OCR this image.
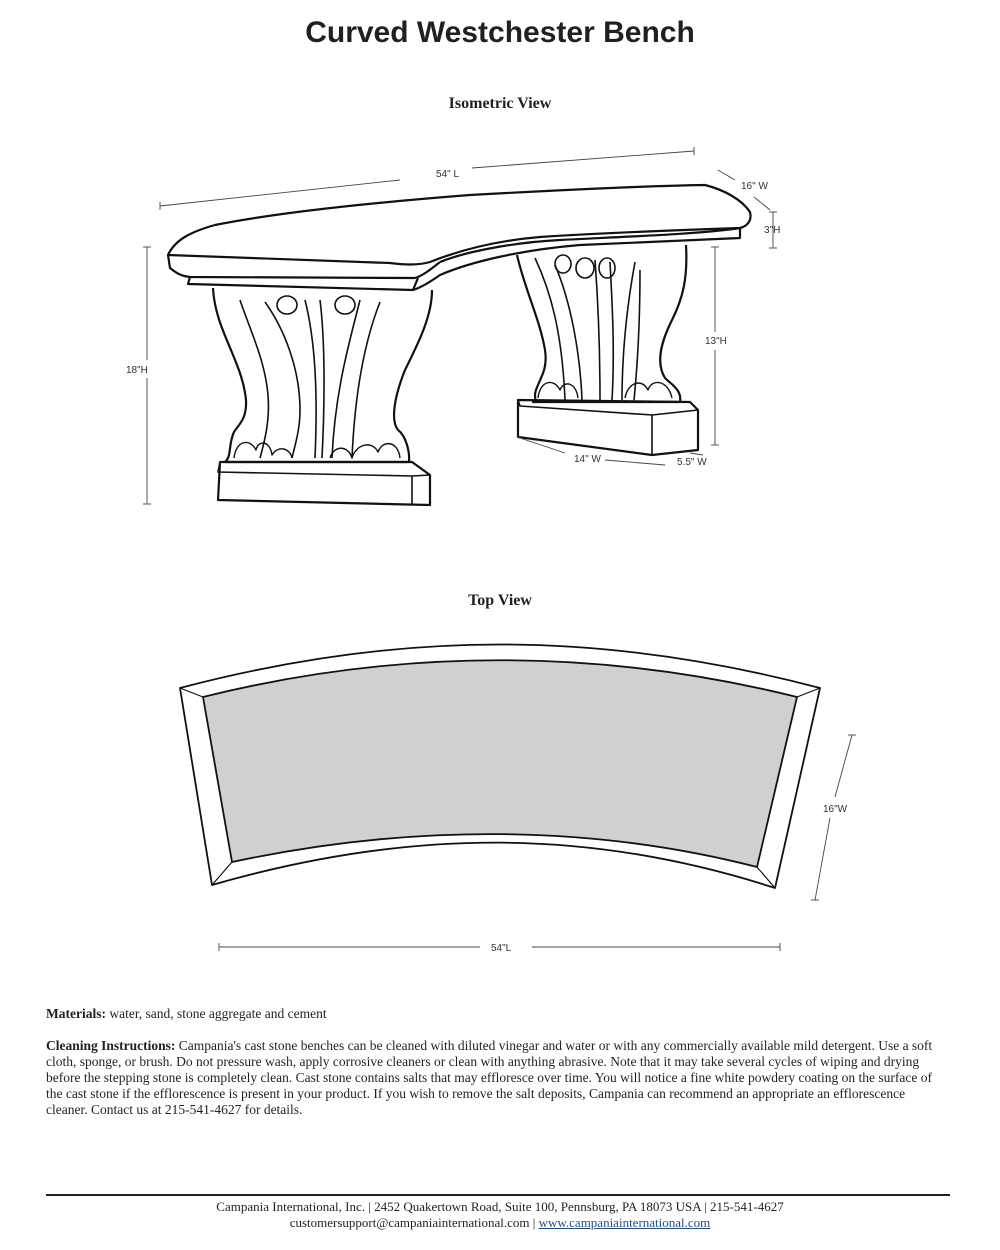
Curved Westchester Bench
Isometric View
54" L
16" W
3"H
18"H
13"H
14" W	5.5" W
16"W
54"L
Top View
Materials: water, sand, stone aggregate and cement
Cleaning Instructions: Campania's cast stone benches can be cleaned with diluted vinegar and water or with any commercially available mild detergent. Use a soft cloth, sponge, or brush. Do not pressure wash, apply corrosive cleaners or clean with anything abrasive. Note that it may take several cycles of wiping and drying before the stepping stone is completely clean. Cast stone contains salts that may effloresce over time. You will notice a fine white powdery coating on the surface of the cast stone if the efflorescence is present in your product. If you wish to remove the salt deposits, Campania can recommend an appropriate an efflorescence cleaner. Contact us at 215-541-4627 for details.
Campania International, Inc. | 2452 Quakertown Road, Suite 100, Pennsburg, PA 18073 USA | 215-541-4627
customersupport@campaniainternational.com | www.campaniainternational.com
